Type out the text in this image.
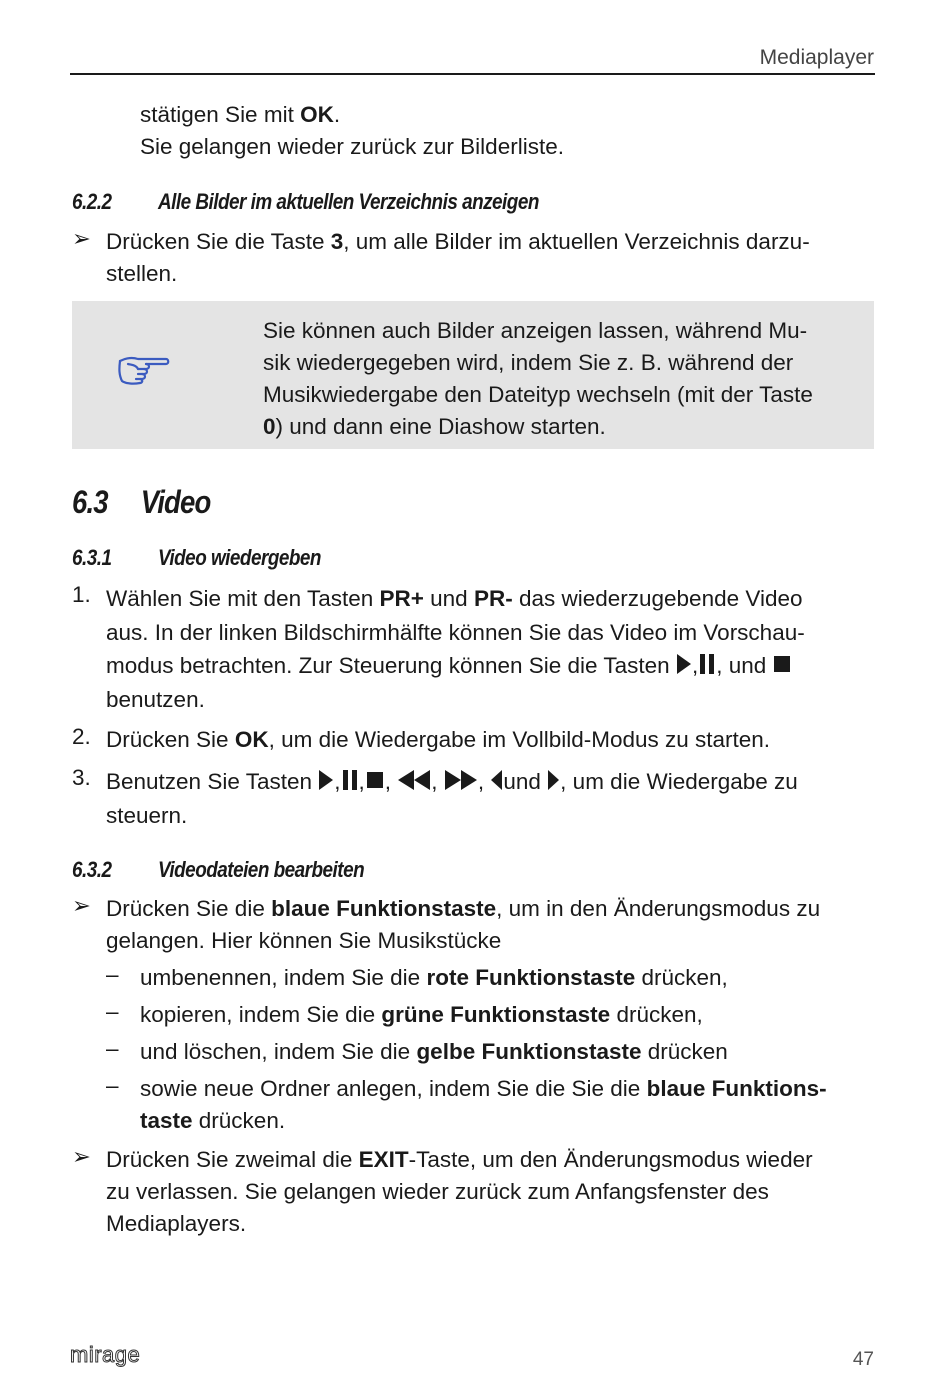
Mediaplayer
stätigen Sie mit OK.
Sie gelangen wieder zurück zur Bilderliste.
6.2.2 Alle Bilder im aktuellen Verzeichnis anzeigen
➢ Drücken Sie die Taste 3, um alle Bilder im aktuellen Verzeichnis darzu-
stellen.
Sie können auch Bilder anzeigen lassen, während Mu-
sik wiedergegeben wird, indem Sie z. B. während der
Musikwiedergabe den Dateityp wechseln (mit der Taste
0) und dann eine Diashow starten.
6.3 Video
6.3.1 Video wiedergeben
1. Wählen Sie mit den Tasten PR+ und PR- das wiederzugebende Video
aus. In der linken Bildschirmhälfte können Sie das Video im Vorschau-
modus betrachten. Zur Steuerung können Sie die Tasten , , und
benutzen.
2. Drücken Sie OK, um die Wiedergabe im Vollbild-Modus zu starten.
3. Benutzen Sie Tasten , , , , , und , um die Wiedergabe zu
steuern.
6.3.2 Videodateien bearbeiten
➢ Drücken Sie die blaue Funktionstaste, um in den Änderungsmodus zu
gelangen. Hier können Sie Musikstücke
– umbenennen, indem Sie die rote Funktionstaste drücken,
– kopieren, indem Sie die grüne Funktionstaste drücken,
– und löschen, indem Sie die gelbe Funktionstaste drücken
– sowie neue Ordner anlegen, indem Sie die Sie die blaue Funktions-
taste drücken.
➢ Drücken Sie zweimal die EXIT-Taste, um den Änderungsmodus wieder
zu verlassen. Sie gelangen wieder zurück zum Anfangsfenster des
Mediaplayers.
mirage	47
